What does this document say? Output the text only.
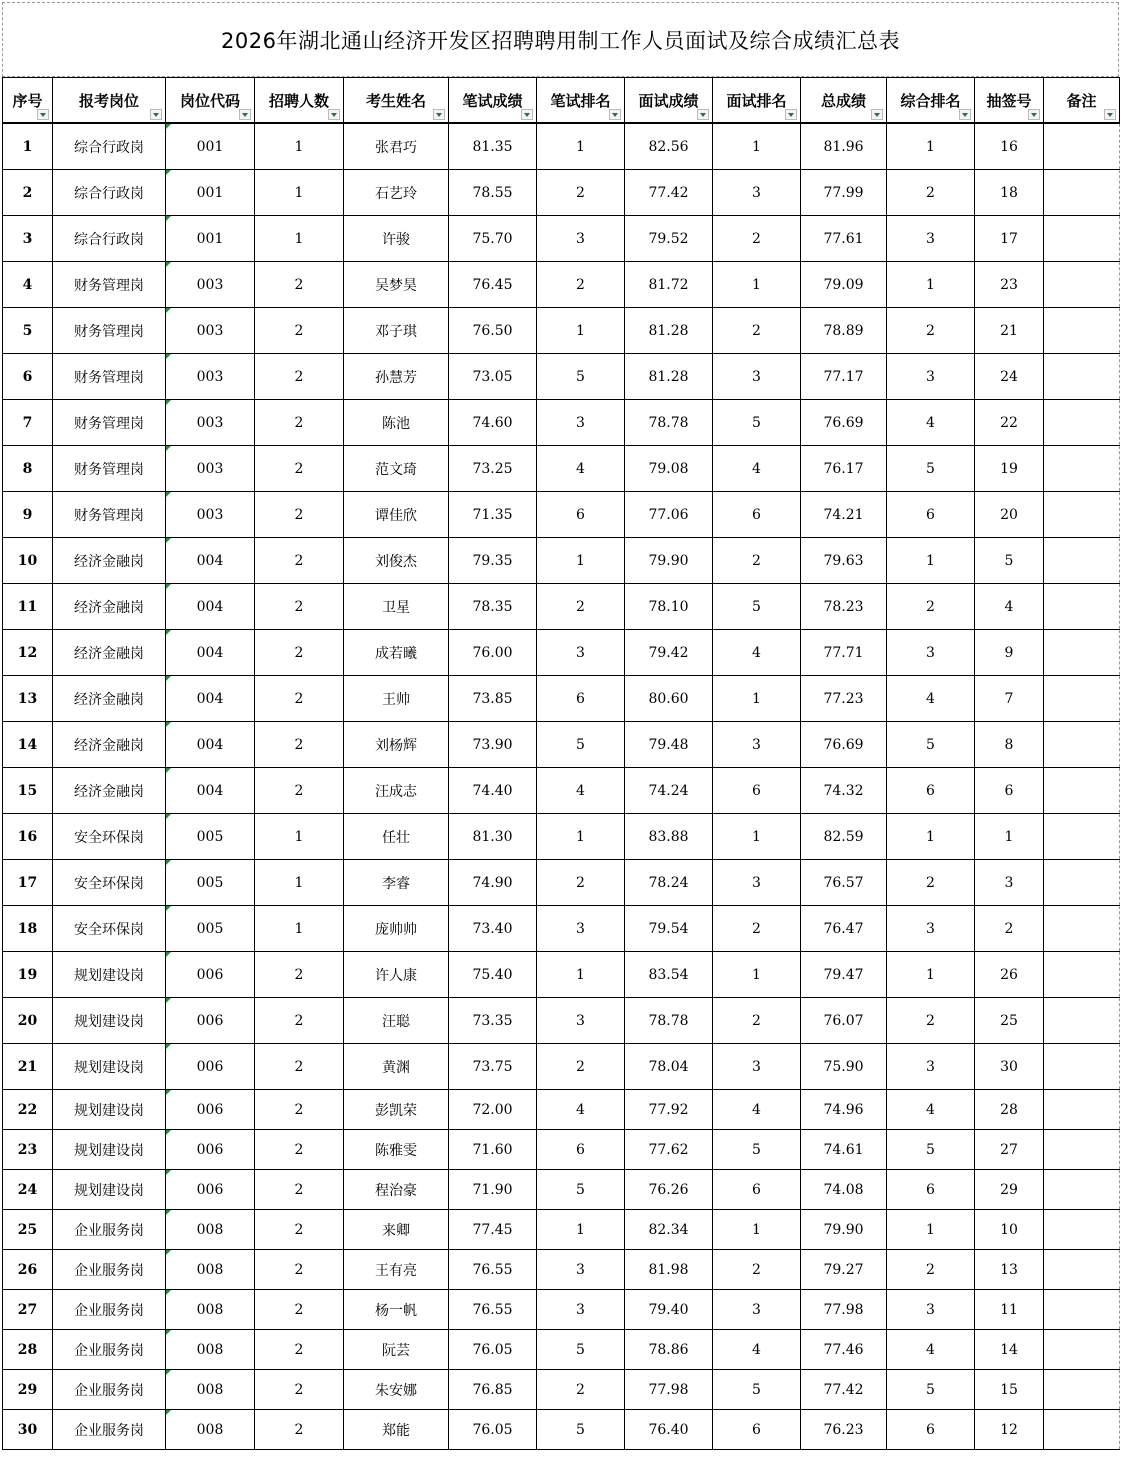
2026年湖北通山经济开发区招聘聘用制工作人员面试及综合成绩汇总表
序号	报考岗位	岗位代码	招聘人数	考生姓名	笔试成绩	笔试排名	面试成绩	面试排名	总成绩	综合排名	抽签号	备注

1	综合行政岗	001	1	张君巧	81.35	1	82.56	1	81.96	1	16	
2	综合行政岗	001	1	石艺玲	78.55	2	77.42	3	77.99	2	18	
3	综合行政岗	001	1	许骏	75.70	3	79.52	2	77.61	3	17	
4	财务管理岗	003	2	吴梦昊	76.45	2	81.72	1	79.09	1	23	
5	财务管理岗	003	2	邓子琪	76.50	1	81.28	2	78.89	2	21	
6	财务管理岗	003	2	孙慧芳	73.05	5	81.28	3	77.17	3	24	
7	财务管理岗	003	2	陈池	74.60	3	78.78	5	76.69	4	22	
8	财务管理岗	003	2	范文琦	73.25	4	79.08	4	76.17	5	19	
9	财务管理岗	003	2	谭佳欣	71.35	6	77.06	6	74.21	6	20	
10	经济金融岗	004	2	刘俊杰	79.35	1	79.90	2	79.63	1	5	
11	经济金融岗	004	2	卫星	78.35	2	78.10	5	78.23	2	4	
12	经济金融岗	004	2	成若曦	76.00	3	79.42	4	77.71	3	9	
13	经济金融岗	004	2	王帅	73.85	6	80.60	1	77.23	4	7	
14	经济金融岗	004	2	刘杨辉	73.90	5	79.48	3	76.69	5	8	
15	经济金融岗	004	2	汪成志	74.40	4	74.24	6	74.32	6	6	
16	安全环保岗	005	1	任壮	81.30	1	83.88	1	82.59	1	1	
17	安全环保岗	005	1	李睿	74.90	2	78.24	3	76.57	2	3	
18	安全环保岗	005	1	庞帅帅	73.40	3	79.54	2	76.47	3	2	
19	规划建设岗	006	2	许人康	75.40	1	83.54	1	79.47	1	26	
20	规划建设岗	006	2	汪聪	73.35	3	78.78	2	76.07	2	25	
21	规划建设岗	006	2	黄渊	73.75	2	78.04	3	75.90	3	30	
22	规划建设岗	006	2	彭凯荣	72.00	4	77.92	4	74.96	4	28	
23	规划建设岗	006	2	陈雅雯	71.60	6	77.62	5	74.61	5	27	
24	规划建设岗	006	2	程治豪	71.90	5	76.26	6	74.08	6	29	
25	企业服务岗	008	2	来卿	77.45	1	82.34	1	79.90	1	10	
26	企业服务岗	008	2	王有亮	76.55	3	81.98	2	79.27	2	13	
27	企业服务岗	008	2	杨一帆	76.55	3	79.40	3	77.98	3	11	
28	企业服务岗	008	2	阮芸	76.05	5	78.86	4	77.46	4	14	
29	企业服务岗	008	2	朱安娜	76.85	2	77.98	5	77.42	5	15	
30	企业服务岗	008	2	郑能	76.05	5	76.40	6	76.23	6	12	
